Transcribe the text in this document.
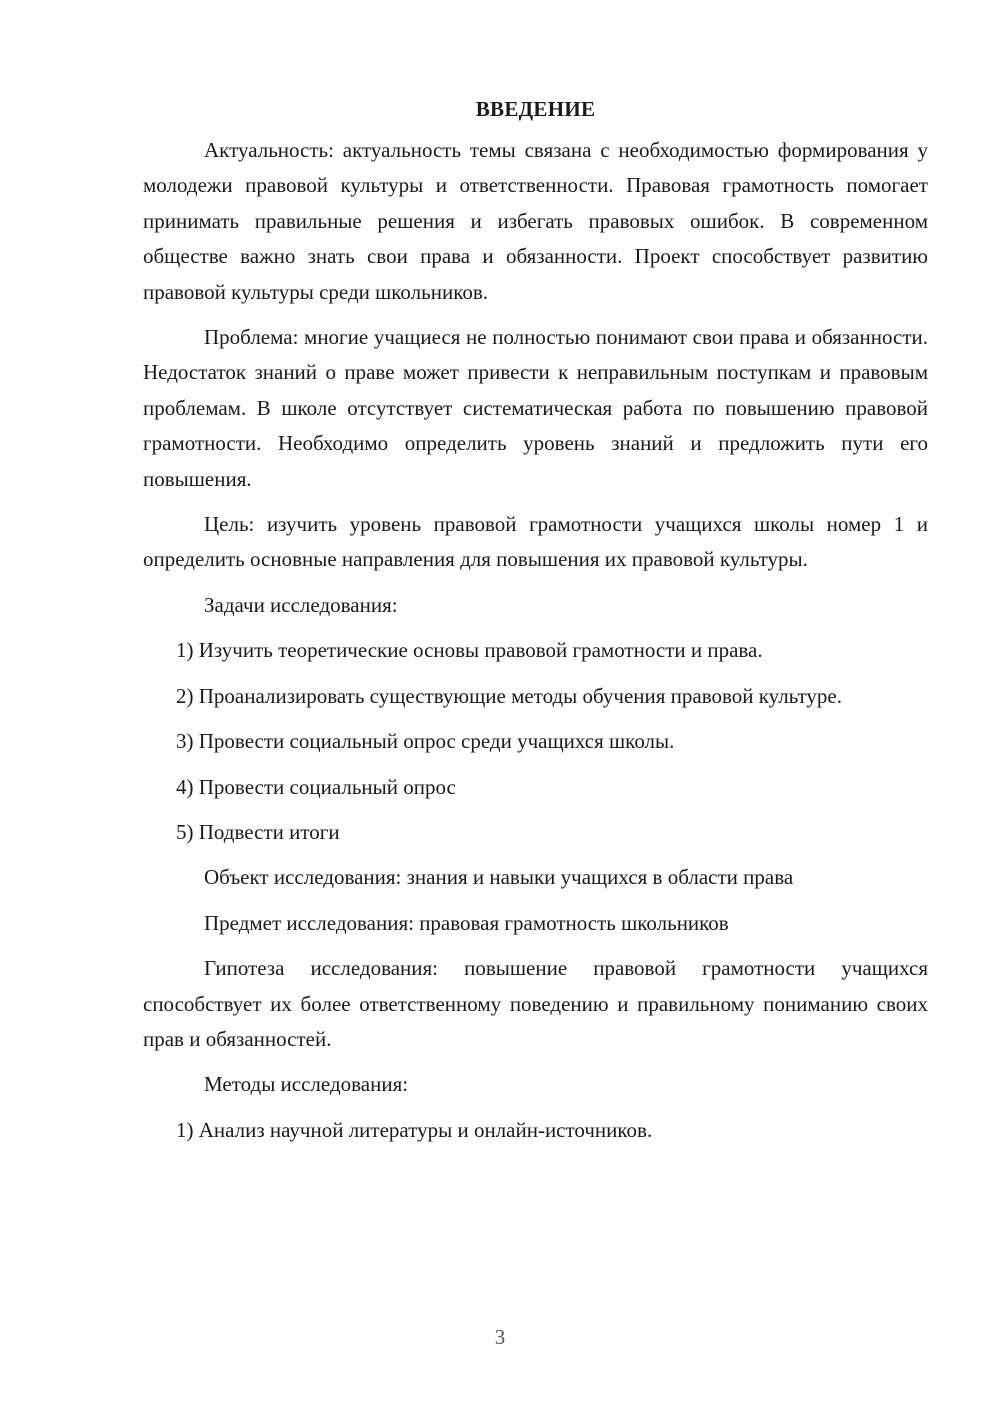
ВВЕДЕНИЕ

Актуальность: актуальность темы связана с необходимостью формирования у молодежи правовой культуры и ответственности. Правовая грамотность помогает принимать правильные решения и избегать правовых ошибок. В современном обществе важно знать свои права и обязанности. Проект способствует развитию правовой культуры среди школьников.

Проблема: многие учащиеся не полностью понимают свои права и обязанности. Недостаток знаний о праве может привести к неправильным поступкам и правовым проблемам. В школе отсутствует систематическая работа по повышению правовой грамотности. Необходимо определить уровень знаний и предложить пути его повышения.

Цель: изучить уровень правовой грамотности учащихся школы номер 1 и определить основные направления для повышения их правовой культуры.

Задачи исследования:

1) Изучить теоретические основы правовой грамотности и права.

2) Проанализировать существующие методы обучения правовой культуре.

3) Провести социальный опрос среди учащихся школы.

4) Провести социальный опрос

5) Подвести итоги

Объект исследования: знания и навыки учащихся в области права

Предмет исследования: правовая грамотность школьников

Гипотеза исследования: повышение правовой грамотности учащихся способствует их более ответственному поведению и правильному пониманию своих прав и обязанностей.

Методы исследования:

1) Анализ научной литературы и онлайн-источников.

3
